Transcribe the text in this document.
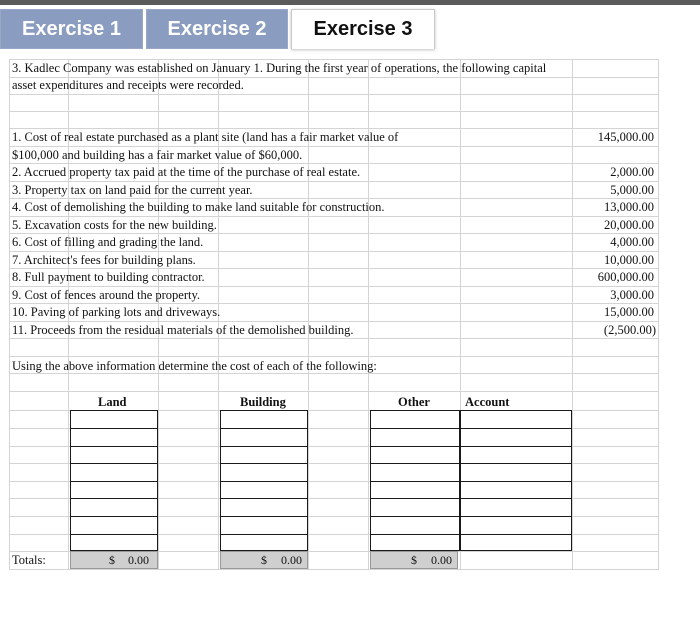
Exercise 1	Exercise 2	Exercise 3
3. Kadlec Company was established on January 1. During the first year of operations, the following capital
asset expenditures and receipts were recorded.
1. Cost of real estate purchased as a plant site (land has a fair market value of	145,000.00
$100,000 and building has a fair market value of $60,000.
2. Accrued property tax paid at the time of the purchase of real estate.	2,000.00
3. Property tax on land paid for the current year.	5,000.00
4. Cost of demolishing the building to make land suitable for construction.	13,000.00
5. Excavation costs for the new building.	20,000.00
6. Cost of filling and grading the land.	4,000.00
7. Architect's fees for building plans.	10,000.00
8. Full payment to building contractor.	600,000.00
9. Cost of fences around the property.	3,000.00
10. Paving of parking lots and driveways.	15,000.00
11. Proceeds from the residual materials of the demolished building.	(2,500.00)
Using the above information determine the cost of each of the following:
Land	Building	Other	Account
Totals:	$ 0.00	$ 0.00	$ 0.00
